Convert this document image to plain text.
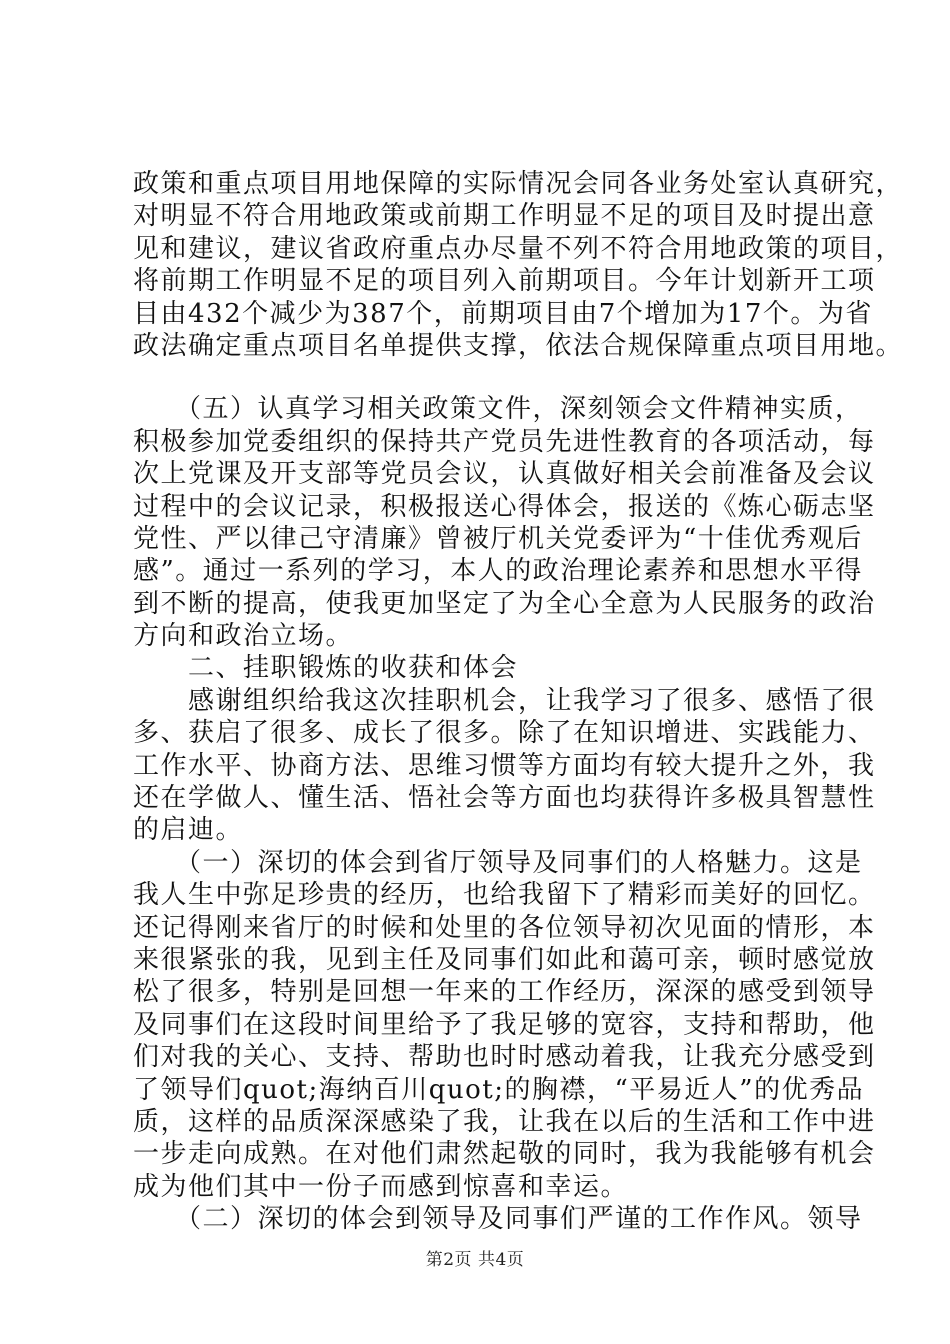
政策和重点项目用地保障的实际情况会同各业务处室认真研究，
对明显不符合用地政策或前期工作明显不足的项目及时提出意
见和建议，建议省政府重点办尽量不列不符合用地政策的项目，
将前期工作明显不足的项目列入前期项目。今年计划新开工项
目由432个减少为387个，前期项目由7个增加为17个。为省
政法确定重点项目名单提供支撑，依法合规保障重点项目用地。
　　（五）认真学习相关政策文件，深刻领会文件精神实质，
积极参加党委组织的保持共产党员先进性教育的各项活动，每
次上党课及开支部等党员会议，认真做好相关会前准备及会议
过程中的会议记录，积极报送心得体会，报送的《炼心砺志坚
党性、严以律己守清廉》曾被厅机关党委评为“十佳优秀观后
感”。通过一系列的学习，本人的政治理论素养和思想水平得
到不断的提高，使我更加坚定了为全心全意为人民服务的政治
方向和政治立场。
　　二、挂职锻炼的收获和体会
　　感谢组织给我这次挂职机会，让我学习了很多、感悟了很
多、获启了很多、成长了很多。除了在知识增进、实践能力、
工作水平、协商方法、思维习惯等方面均有较大提升之外，我
还在学做人、懂生活、悟社会等方面也均获得许多极具智慧性
的启迪。
　　（一）深切的体会到省厅领导及同事们的人格魅力。这是
我人生中弥足珍贵的经历，也给我留下了精彩而美好的回忆。
还记得刚来省厅的时候和处里的各位领导初次见面的情形，本
来很紧张的我，见到主任及同事们如此和蔼可亲，顿时感觉放
松了很多，特别是回想一年来的工作经历，深深的感受到领导
及同事们在这段时间里给予了我足够的宽容，支持和帮助，他
们对我的关心、支持、帮助也时时感动着我，让我充分感受到
了领导们quot;海纳百川quot;的胸襟，“平易近人”的优秀品
质，这样的品质深深感染了我，让我在以后的生活和工作中进
一步走向成熟。在对他们肃然起敬的同时，我为我能够有机会
成为他们其中一份子而感到惊喜和幸运。
　　（二）深切的体会到领导及同事们严谨的工作作风。领导
第2页 共4页
